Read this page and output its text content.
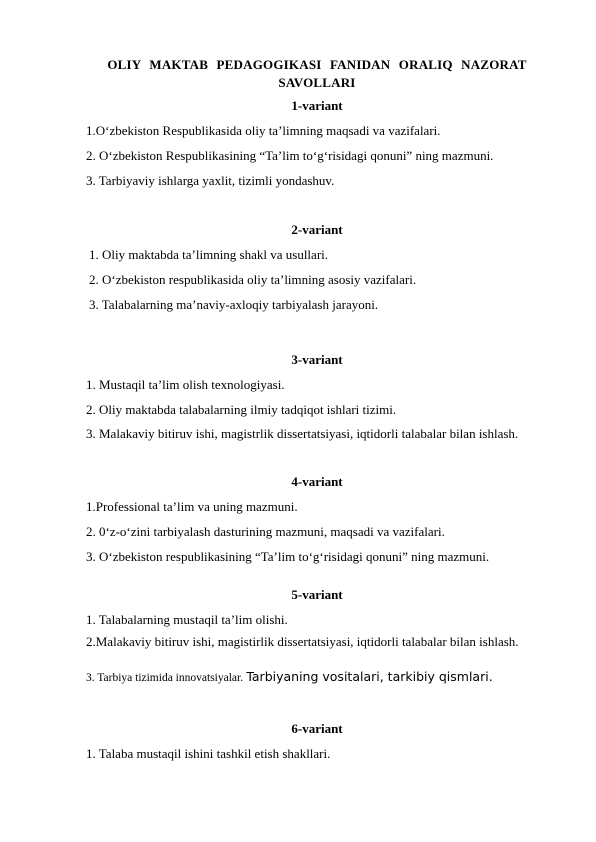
OLIY MAKTAB PEDAGOGIKASI FANIDAN ORALIQ NAZORAT SAVOLLARI
1-variant
1.O‘zbekiston Respublikasida oliy ta’limning maqsadi va vazifalari.
2. O‘zbekiston Respublikasining “Ta’lim to‘g‘risidagi qonuni” ning mazmuni.
3. Tarbiyaviy ishlarga yaxlit, tizimli yondashuv.
2-variant
1. Oliy maktabda ta’limning shakl va usullari.
2. O‘zbekiston respublikasida oliy ta’limning asosiy vazifalari.
3. Talabalarning ma’naviy-axloqiy tarbiyalash jarayoni.
3-variant
1. Mustaqil ta’lim olish texnologiyasi.
2. Oliy maktabda talabalarning ilmiy tadqiqot ishlari tizimi.
3. Malakaviy bitiruv ishi, magistrlik dissertatsiyasi, iqtidorli talabalar bilan ishlash.
4-variant
1.Professional ta’lim va uning mazmuni.
2. 0‘z-o‘zini tarbiyalash dasturining mazmuni, maqsadi va vazifalari.
3. O‘zbekiston respublikasining “Ta’lim to‘g‘risidagi qonuni” ning mazmuni.
5-variant
1. Talabalarning mustaqil ta’lim olishi.
2.Malakaviy bitiruv ishi, magistirlik dissertatsiyasi, iqtidorli talabalar bilan ishlash.
3. Tarbiya tizimida innovatsiyalar. Tarbiyaning vositalari, tarkibiy qismlari.
6-variant
1. Talaba mustaqil ishini tashkil etish shakllari.
